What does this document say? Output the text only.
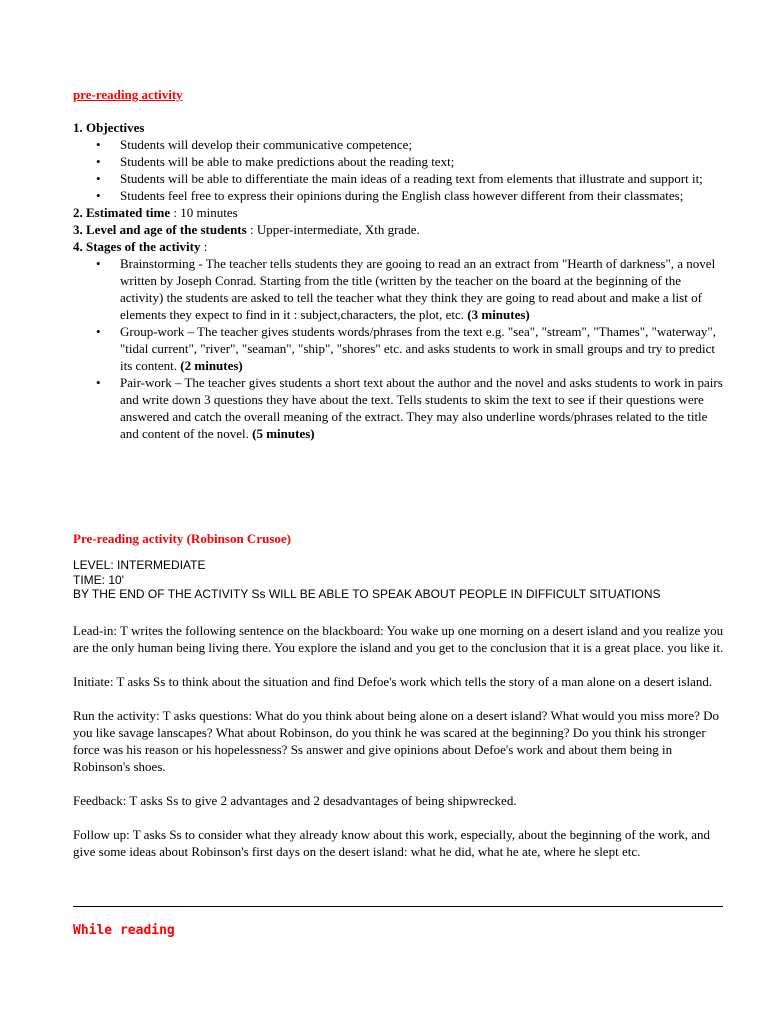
pre-reading activity
1. Objectives
• Students will develop their communicative competence;
• Students will be able to make predictions about the reading text;
• Students will be able to differentiate the main ideas of a reading text from elements that illustrate and support it;
• Students feel free to express their opinions during the English class however different from their classmates;
2. Estimated time : 10 minutes
3. Level and age of the students : Upper-intermediate, Xth grade.
4. Stages of the activity :
• Brainstorming - The teacher tells students they are gooing to read an an extract from "Hearth of darkness", a novel written by Joseph Conrad. Starting from the title (written by the teacher on the board at the beginning of the activity) the students are asked to tell the teacher what they think they are going to read about and make a list of elements they expect to find in it : subject,characters, the plot, etc. (3 minutes)
• Group-work – The teacher gives students words/phrases from the text e.g. "sea", "stream", "Thames", "waterway", "tidal current", "river", "seaman", "ship", "shores" etc. and asks students to work in small groups and try to predict its content. (2 minutes)
• Pair-work – The teacher gives students a short text about the author and the novel and asks students to work in pairs and write down 3 questions they have about the text. Tells students to skim the text to see if their questions were answered and catch the overall meaning of the extract. They may also underline words/phrases related to the title and content of the novel. (5 minutes)
Pre-reading activity (Robinson Crusoe)
LEVEL: INTERMEDIATE
TIME: 10'
BY THE END OF THE ACTIVITY Ss WILL BE ABLE TO SPEAK ABOUT PEOPLE IN DIFFICULT SITUATIONS

Lead-in: T writes the following sentence on the blackboard: You wake up one morning on a desert island and you realize you are the only human being living there. You explore the island and you get to the conclusion that it is a great place. you like it.

Initiate: T asks Ss to think about the situation and find Defoe's work which tells the story of a man alone on a desert island.

Run the activity: T asks questions: What do you think about being alone on a desert island? What would you miss more? Do you like savage lanscapes? What about Robinson, do you think he was scared at the beginning? Do you think his stronger force was his reason or his hopelessness? Ss answer and give opinions about Defoe's work and about them being in Robinson's shoes.

Feedback: T asks Ss to give 2 advantages and 2 desadvantages of being shipwrecked.

Follow up: T asks Ss to consider what they already know about this work, especially, about the beginning of the work, and give some ideas about Robinson's first days on the desert island: what he did, what he ate, where he slept etc.

While reading
